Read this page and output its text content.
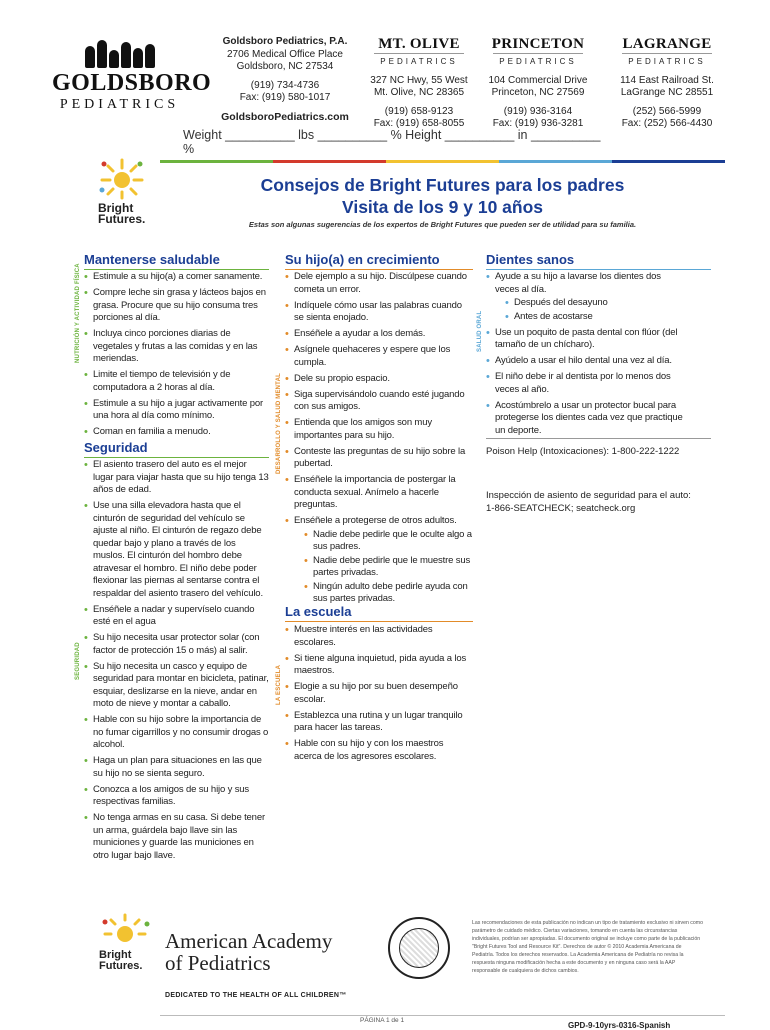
GOLDSBORO
PEDIATRICS
Goldsboro Pediatrics, P.A.
2706 Medical Office Place
Goldsboro, NC 27534
(919) 734-4736
Fax: (919) 580-1017
GoldsboroPediatrics.com
MT. OLIVE
PEDIATRICS
327 NC Hwy, 55 West
Mt. Olive, NC 28365
(919) 658-9123
Fax: (919) 658-8055
PRINCETON
PEDIATRICS
104 Commercial Drive
Princeton, NC 27569
(919) 936-3164
Fax: (919) 936-3281
LAGRANGE
PEDIATRICS
114 East Railroad St.
LaGrange NC 28551
(252) 566-5999
Fax: (252) 566-4430
Weight __________ lbs __________ % Height __________ in __________ %
Bright Futures.
Consejos de Bright Futures para los padres
Visita de los 9 y 10 años
Estas son algunas sugerencias de los expertos de Bright Futures que pueden ser de utilidad para su familia.
Mantenerse saludable
NUTRICIÓN Y ACTIVIDAD FÍSICA
•	Estimule a su hijo(a) a comer sanamente.
• Compre leche sin grasa y lácteos bajos en grasa. Procure que su hijo consuma tres porciones al día.
• Incluya cinco porciones diarias de vegetales y frutas a las comidas y en las meriendas.
• Limite el tiempo de televisión y de computadora a 2 horas al día.
• Estimule a su hijo a jugar activamente por una hora al día como mínimo.
• Coman en familia a menudo.
Seguridad
SEGURIDAD
• El asiento trasero del auto es el mejor lugar para viajar hasta que su hijo tenga 13 años de edad.
• Use una silla elevadora hasta que el cinturón de seguridad del vehículo se ajuste al niño. El cinturón de regazo debe quedar bajo y plano a través de los muslos. El cinturón del hombro debe atravesar el hombro. El niño debe poder flexionar las piernas al sentarse contra el respaldar del asiento trasero del vehículo.
• Enséñele a nadar y supervíselo cuando esté en el agua
• Su hijo necesita usar protector solar (con factor de protección 15 o más) al salir.
• Su hijo necesita un casco y equipo de seguridad para montar en bicicleta, patinar, esquiar, deslizarse en la nieve, andar en moto de nieve y montar a caballo.
• Hable con su hijo sobre la importancia de no fumar cigarrillos y no consumir drogas o alcohol.
• Haga un plan para situaciones en las que su hijo no se sienta seguro.
• Conozca a los amigos de su hijo y sus respectivas familias.
• No tenga armas en su casa. Si debe tener un arma, guárdela bajo llave sin las municiones y guarde las municiones en otro lugar bajo llave.
Su hijo(a) en crecimiento
DESARROLLO Y SALUD MENTAL
• Dele ejemplo a su hijo. Discúlpese cuando cometa un error.
• Indíquele cómo usar las palabras cuando se sienta enojado.
• Enséñele a ayudar a los demás.
• Asígnele quehaceres y espere que los cumpla.
• Dele su propio espacio.
• Siga supervisándolo cuando esté jugando con sus amigos.
• Entienda que los amigos son muy importantes para su hijo.
• Conteste las preguntas de su hijo sobre la pubertad.
• Enséñele la importancia de postergar la conducta sexual. Anímelo a hacerle preguntas.
• Enséñele a protegerse de otros adultos.
• Nadie debe pedirle que le oculte algo a sus padres.
• Nadie debe pedirle que le muestre sus partes privadas.
• Ningún adulto debe pedirle ayuda con sus partes privadas.
La escuela
LA ESCUELA
• Muestre interés en las actividades escolares.
• Si tiene alguna inquietud, pida ayuda a los maestros.
• Elogie a su hijo por su buen desempeño escolar.
• Establezca una rutina y un lugar tranquilo para hacer las tareas.
• Hable con su hijo y con los maestros acerca de los agresores escolares.
Dientes sanos
SALUD ORAL
• Ayude a su hijo a lavarse los dientes dos veces al día.
• Después del desayuno
• Antes de acostarse
• Use un poquito de pasta dental con flúor (del tamaño de un chícharo).
• Ayúdelo a usar el hilo dental una vez al día.
• El niño debe ir al dentista por lo menos dos veces al año.
• Acostúmbrelo a usar un protector bucal para protegerse los dientes cada vez que practique un deporte.
Poison Help (Intoxicaciones): 1-800-222-1222
Inspección de asiento de seguridad para el auto: 1-866-SEATCHECK; seatcheck.org
Bright Futures.
American Academy of Pediatrics
DEDICATED TO THE HEALTH OF ALL CHILDREN™
Las recomendaciones de esta publicación no indican un tipo de tratamiento exclusivo ni sirven como parámetro de cuidado médico. Ciertas variaciones, tomando en cuenta las circunstancias individuales, podrían ser apropiadas. El documento original se incluye como parte de la publicación "Bright Futures Tool and Resource Kit". Derechos de autor © 2010 Academia Americana de Pediatría. Todos los derechos reservados. La Academia Americana de Pediatría no revisa la respuesta ninguna modificación hecha a este documento y en ninguna caso será la AAP responsable de cualquiera de dichos cambios.
PÁGINA 1 de 1
GPD-9-10yrs-0316-Spanish
